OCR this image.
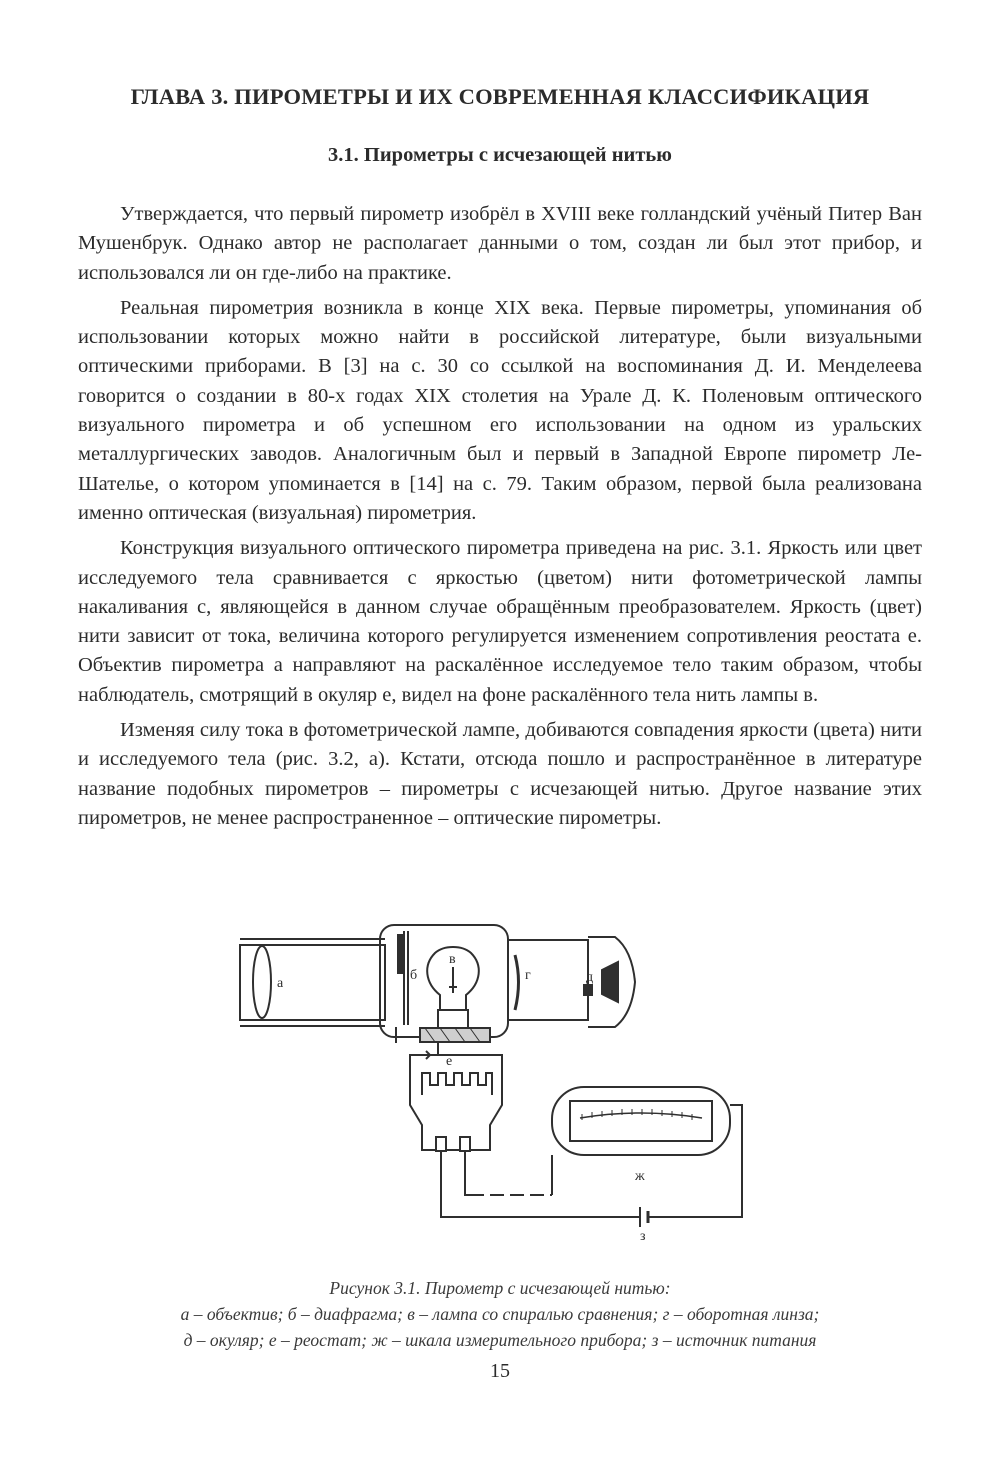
ГЛАВА 3. ПИРОМЕТРЫ И ИХ СОВРЕМЕННАЯ КЛАССИФИКАЦИЯ
3.1. Пирометры с исчезающей нитью

Утверждается, что первый пирометр изобрёл в XVIII веке голландский учёный Питер Ван Мушенбрук. Однако автор не располагает данными о том, создан ли был этот прибор, и использовался ли он где-либо на практике.

Реальная пирометрия возникла в конце XIX века. Первые пирометры, упоминания об использовании которых можно найти в российской литературе, были визуальными оптическими приборами. В [3] на с. 30 со ссылкой на воспоминания Д. И. Менделеева говорится о создании в 80-х годах XIX столетия на Урале Д. К. Поленовым оптического визуального пирометра и об успешном его использовании на одном из уральских металлургических заводов. Аналогичным был и первый в Западной Европе пирометр Ле-Шателье, о котором упоминается в [14] на с. 79. Таким образом, первой была реализована именно оптическая (визуальная) пирометрия.

Конструкция визуального оптического пирометра приведена на рис. 3.1. Яркость или цвет исследуемого тела сравнивается с яркостью (цветом) нити фотометрической лампы накаливания c, являющейся в данном случае обращённым преобразователем. Яркость (цвет) нити зависит от тока, величина которого регулируется изменением сопротивления реостата e. Объектив пирометра a направляют на раскалённое исследуемое тело таким образом, чтобы наблюдатель, смотрящий в окуляр e, видел на фоне раскалённого тела нить лампы в.

Изменяя силу тока в фотометрической лампе, добиваются совпадения яркости (цвета) нити и исследуемого тела (рис. 3.2, a). Кстати, отсюда пошло и распространённое в литературе название подобных пирометров – пирометры с исчезающей нитью. Другое название этих пирометров, не менее распространенное – оптические пирометры.

а
б
в
г	д
е
ж
з
Рисунок 3.1. Пирометр с исчезающей нитью:
а – объектив; б – диафрагма; в – лампа со спиралью сравнения; г – оборотная линза;
д – окуляр; е – реостат; ж – шкала измерительного прибора; з – источник питания
15
